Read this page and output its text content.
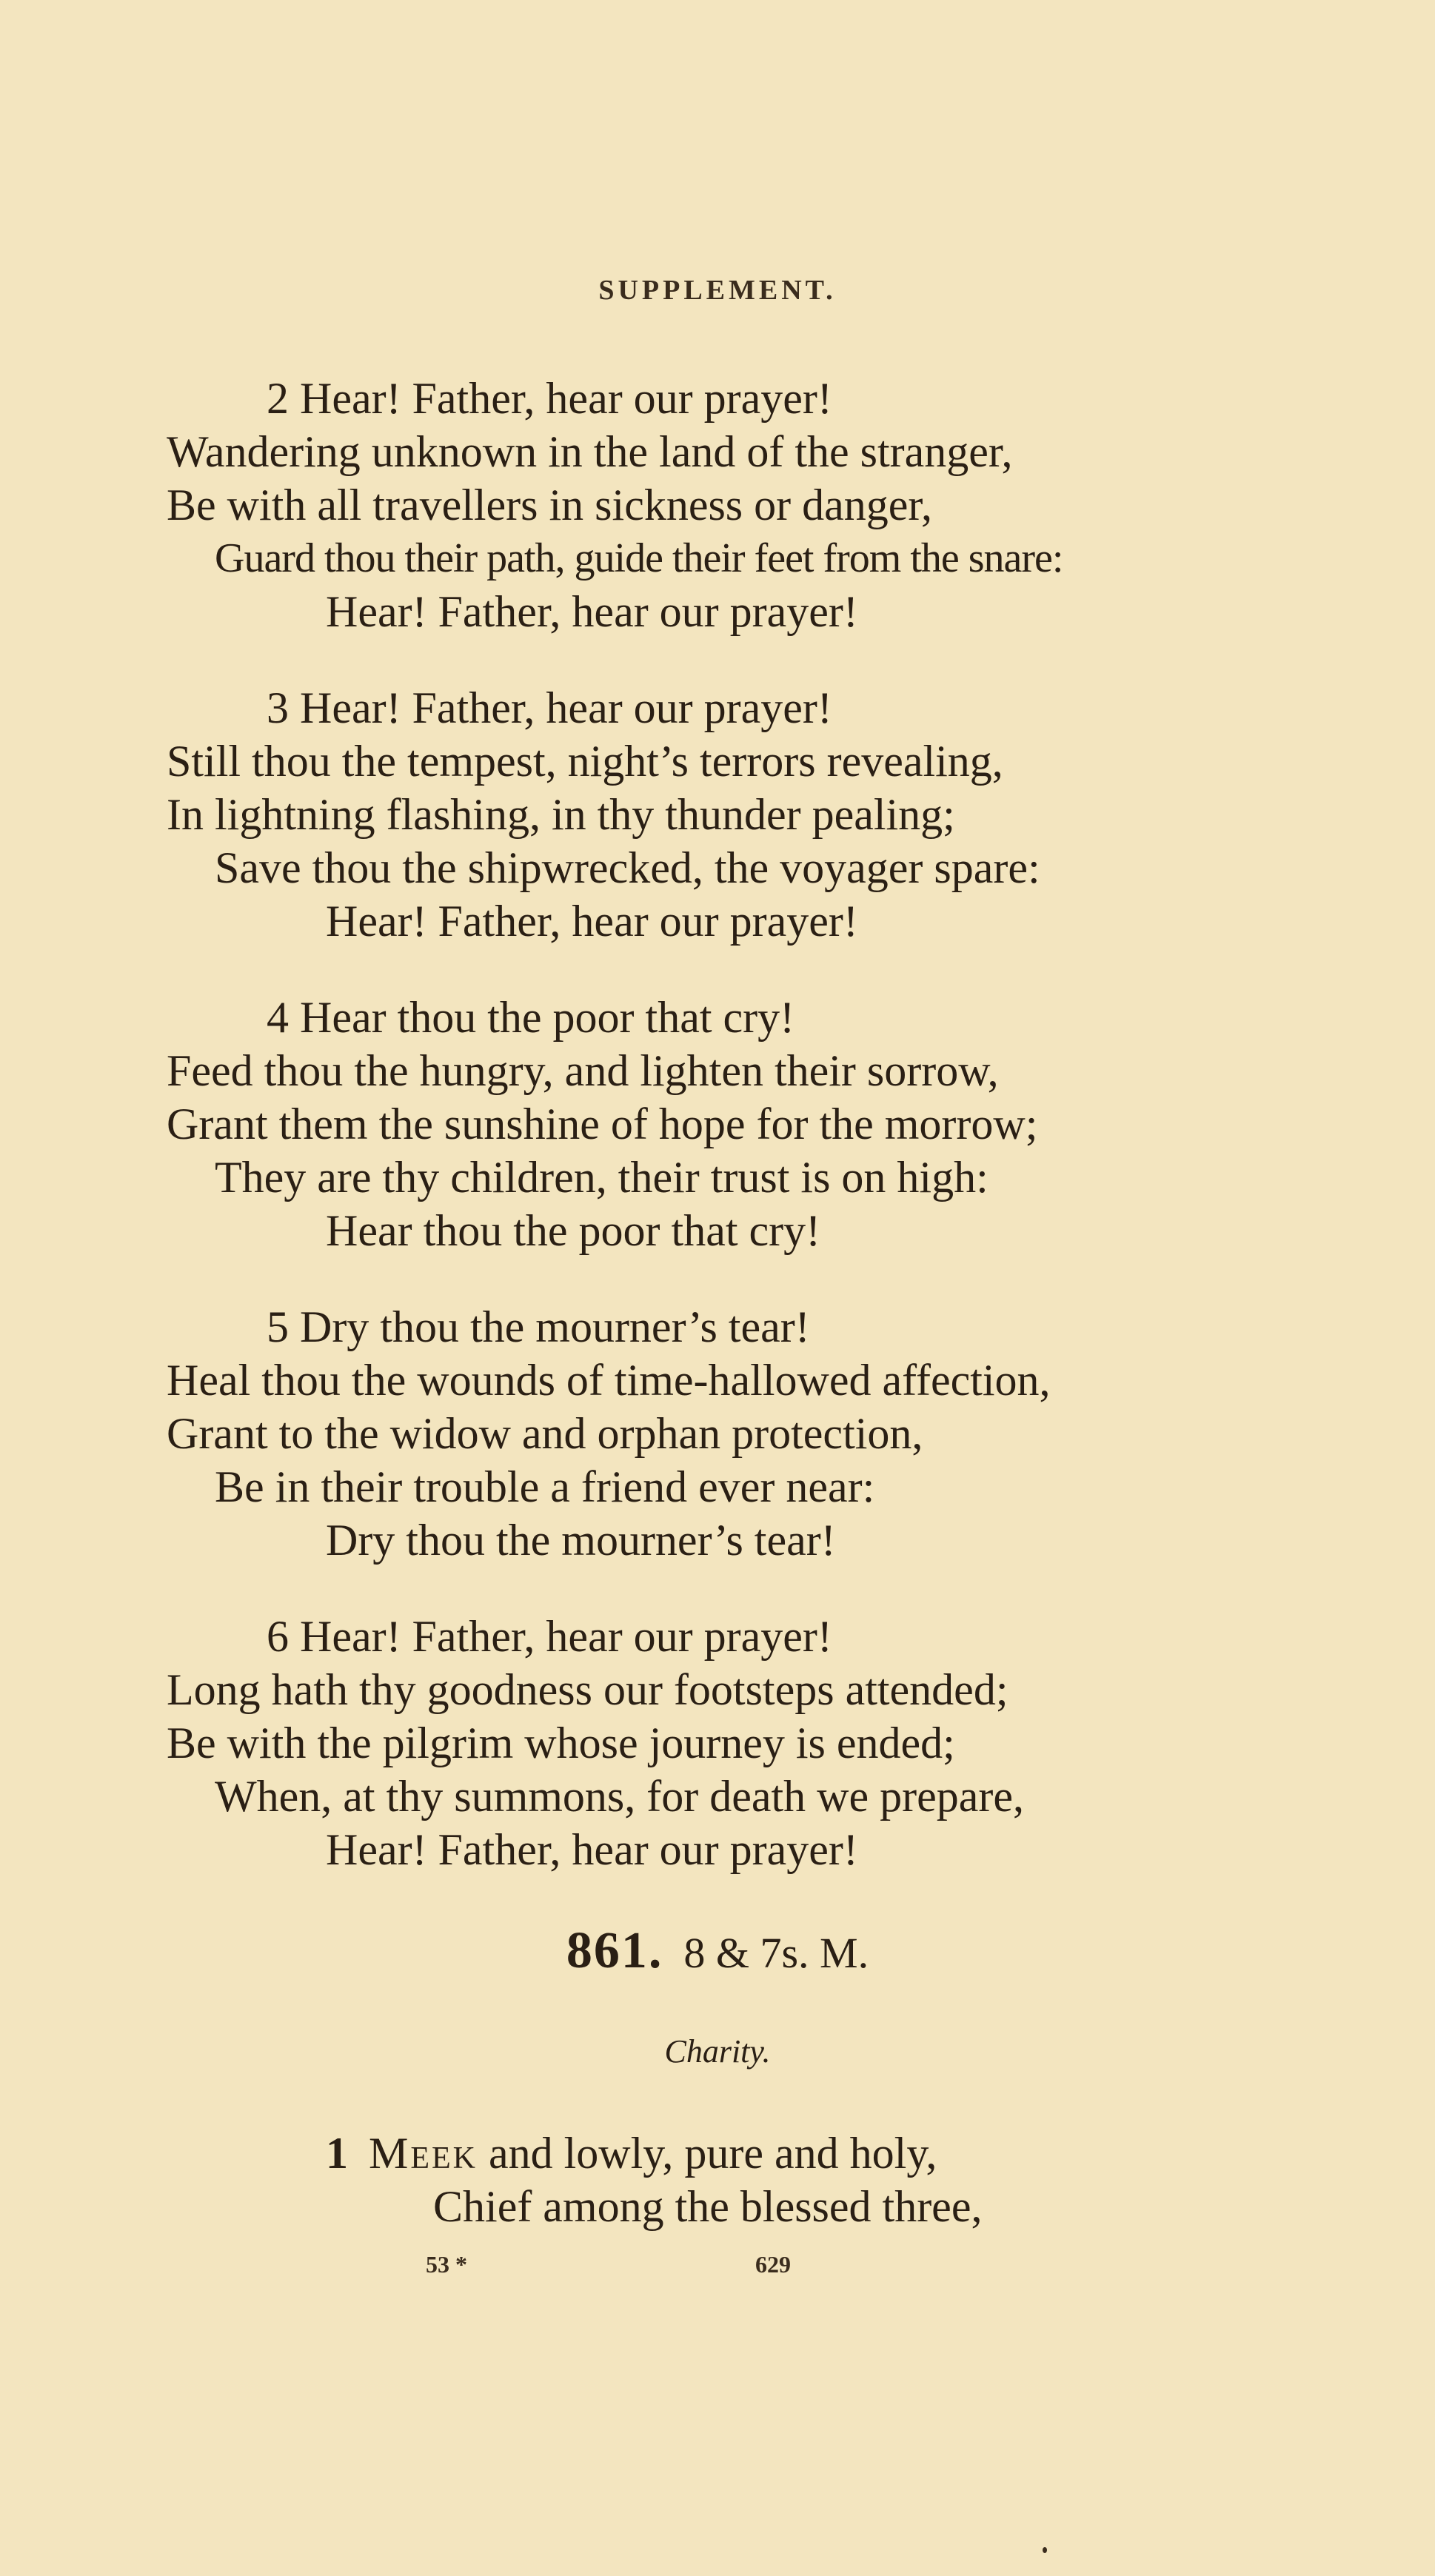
SUPPLEMENT.
2 Hear! Father, hear our prayer!
Wandering unknown in the land of the stranger,
Be with all travellers in sickness or danger,
Guard thou their path, guide their feet from the snare:
Hear! Father, hear our prayer!
3 Hear! Father, hear our prayer!
Still thou the tempest, night’s terrors revealing,
In lightning flashing, in thy thunder pealing;
Save thou the shipwrecked, the voyager spare:
Hear! Father, hear our prayer!
4 Hear thou the poor that cry!
Feed thou the hungry, and lighten their sorrow,
Grant them the sunshine of hope for the morrow;
They are thy children, their trust is on high:
Hear thou the poor that cry!
5 Dry thou the mourner’s tear!
Heal thou the wounds of time-hallowed affection,
Grant to the widow and orphan protection,
Be in their trouble a friend ever near:
Dry thou the mourner’s tear!
6 Hear! Father, hear our prayer!
Long hath thy goodness our footsteps attended;
Be with the pilgrim whose journey is ended;
When, at thy summons, for death we prepare,
Hear! Father, hear our prayer!
861. 8 & 7s. M.
Charity.
1 Meek and lowly, pure and holy,
Chief among the blessed three,
53 *	629
